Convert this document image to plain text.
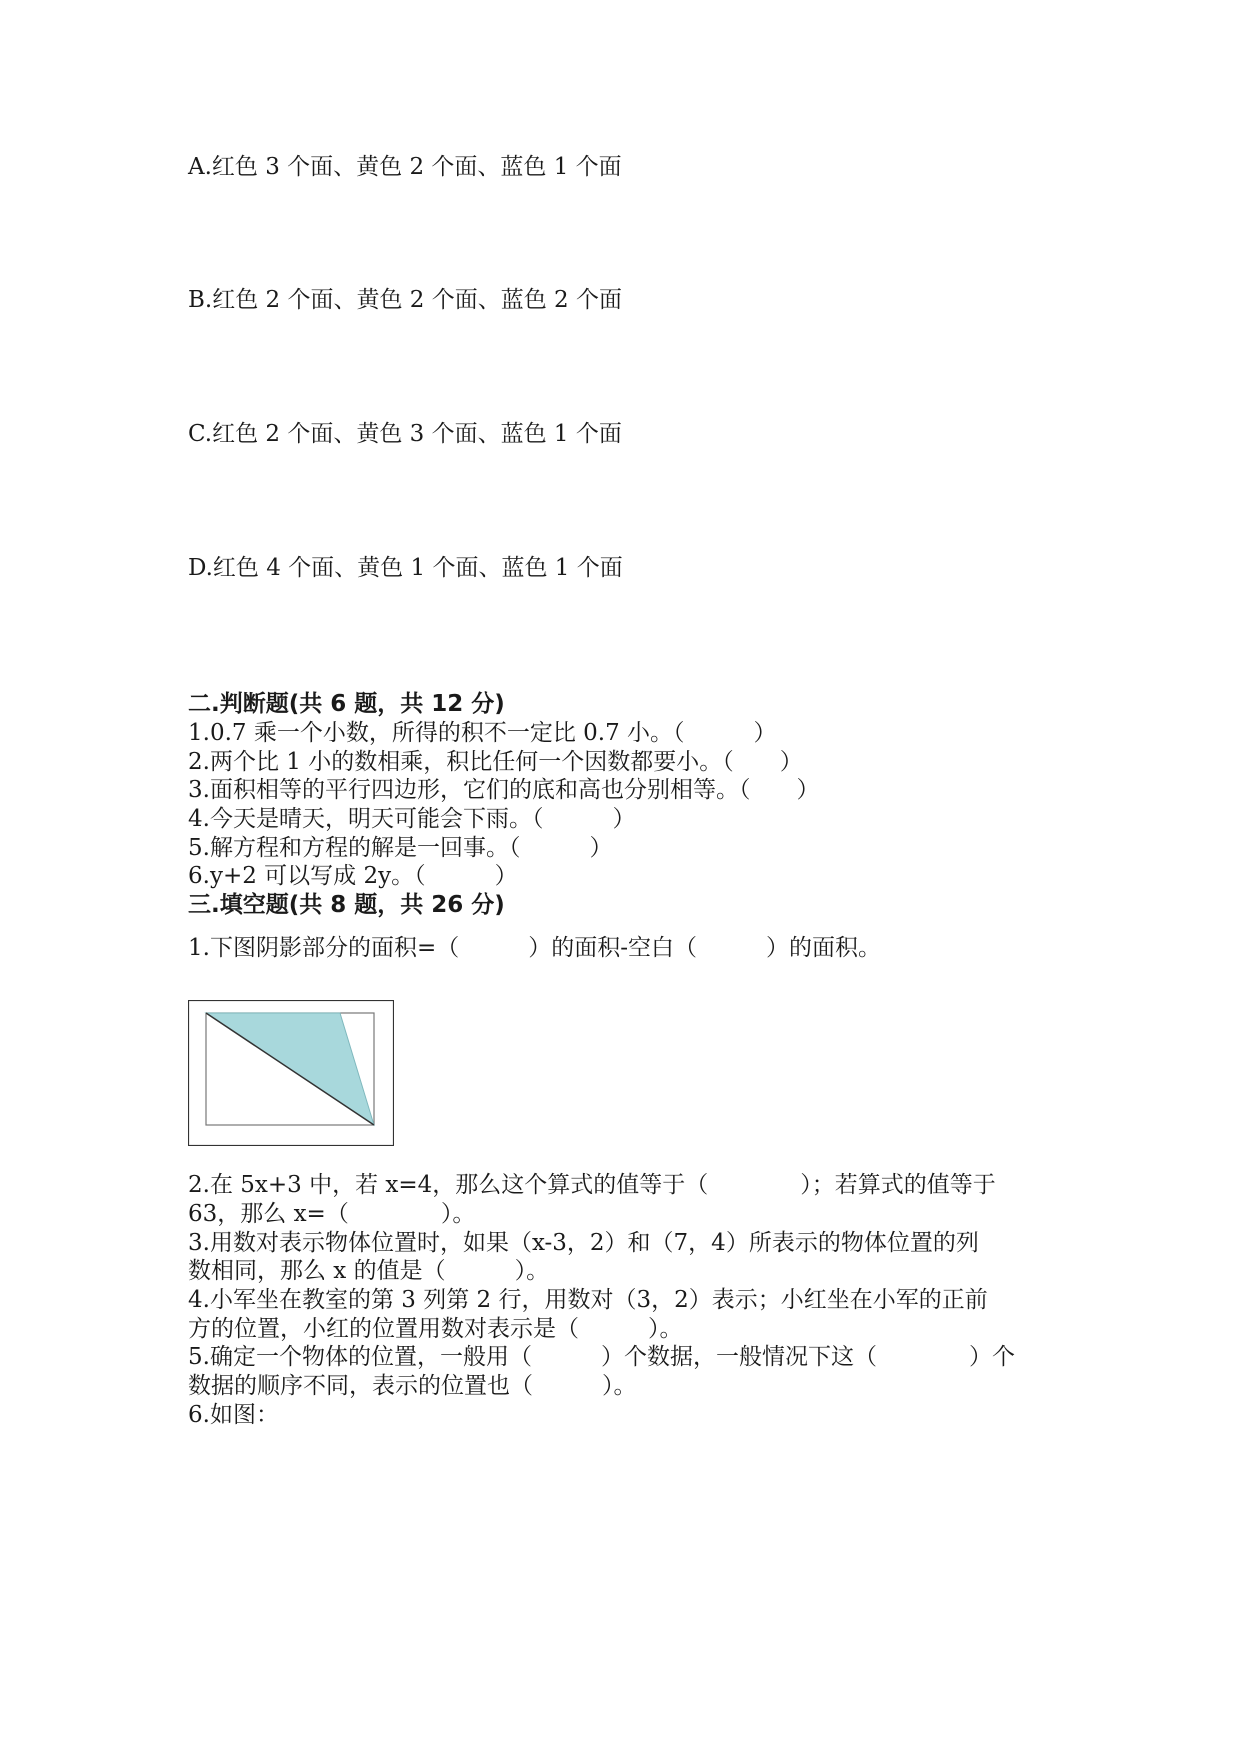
A.红色 3 个面、黄色 2 个面、蓝色 1 个面
B.红色 2 个面、黄色 2 个面、蓝色 2 个面
C.红色 2 个面、黄色 3 个面、蓝色 1 个面
D.红色 4 个面、黄色 1 个面、蓝色 1 个面
二.判断题(共 6 题，共 12 分)
1.0.7 乘一个小数，所得的积不一定比 0.7 小。（　　　）
2.两个比 1 小的数相乘，积比任何一个因数都要小。（　　）
3.面积相等的平行四边形，它们的底和高也分别相等。（　　）
4.今天是晴天，明天可能会下雨。（　　　）
5.解方程和方程的解是一回事。（　　　）
6.y+2 可以写成 2y。（　　　）
三.填空题(共 8 题，共 26 分)
1.下图阴影部分的面积=（　　　）的面积-空白（　　　）的面积。
2.在 5x+3 中，若 x=4，那么这个算式的值等于（　　　　）；若算式的值等于
63，那么 x=（　　　　）。
3.用数对表示物体位置时，如果（x-3，2）和（7，4）所表示的物体位置的列
数相同，那么 x 的值是（　　　）。
4.小军坐在教室的第 3 列第 2 行，用数对（3，2）表示；小红坐在小军的正前
方的位置，小红的位置用数对表示是（　　　）。
5.确定一个物体的位置，一般用（　　　）个数据，一般情况下这（　　　　）个
数据的顺序不同，表示的位置也（　　　）。
6.如图：
